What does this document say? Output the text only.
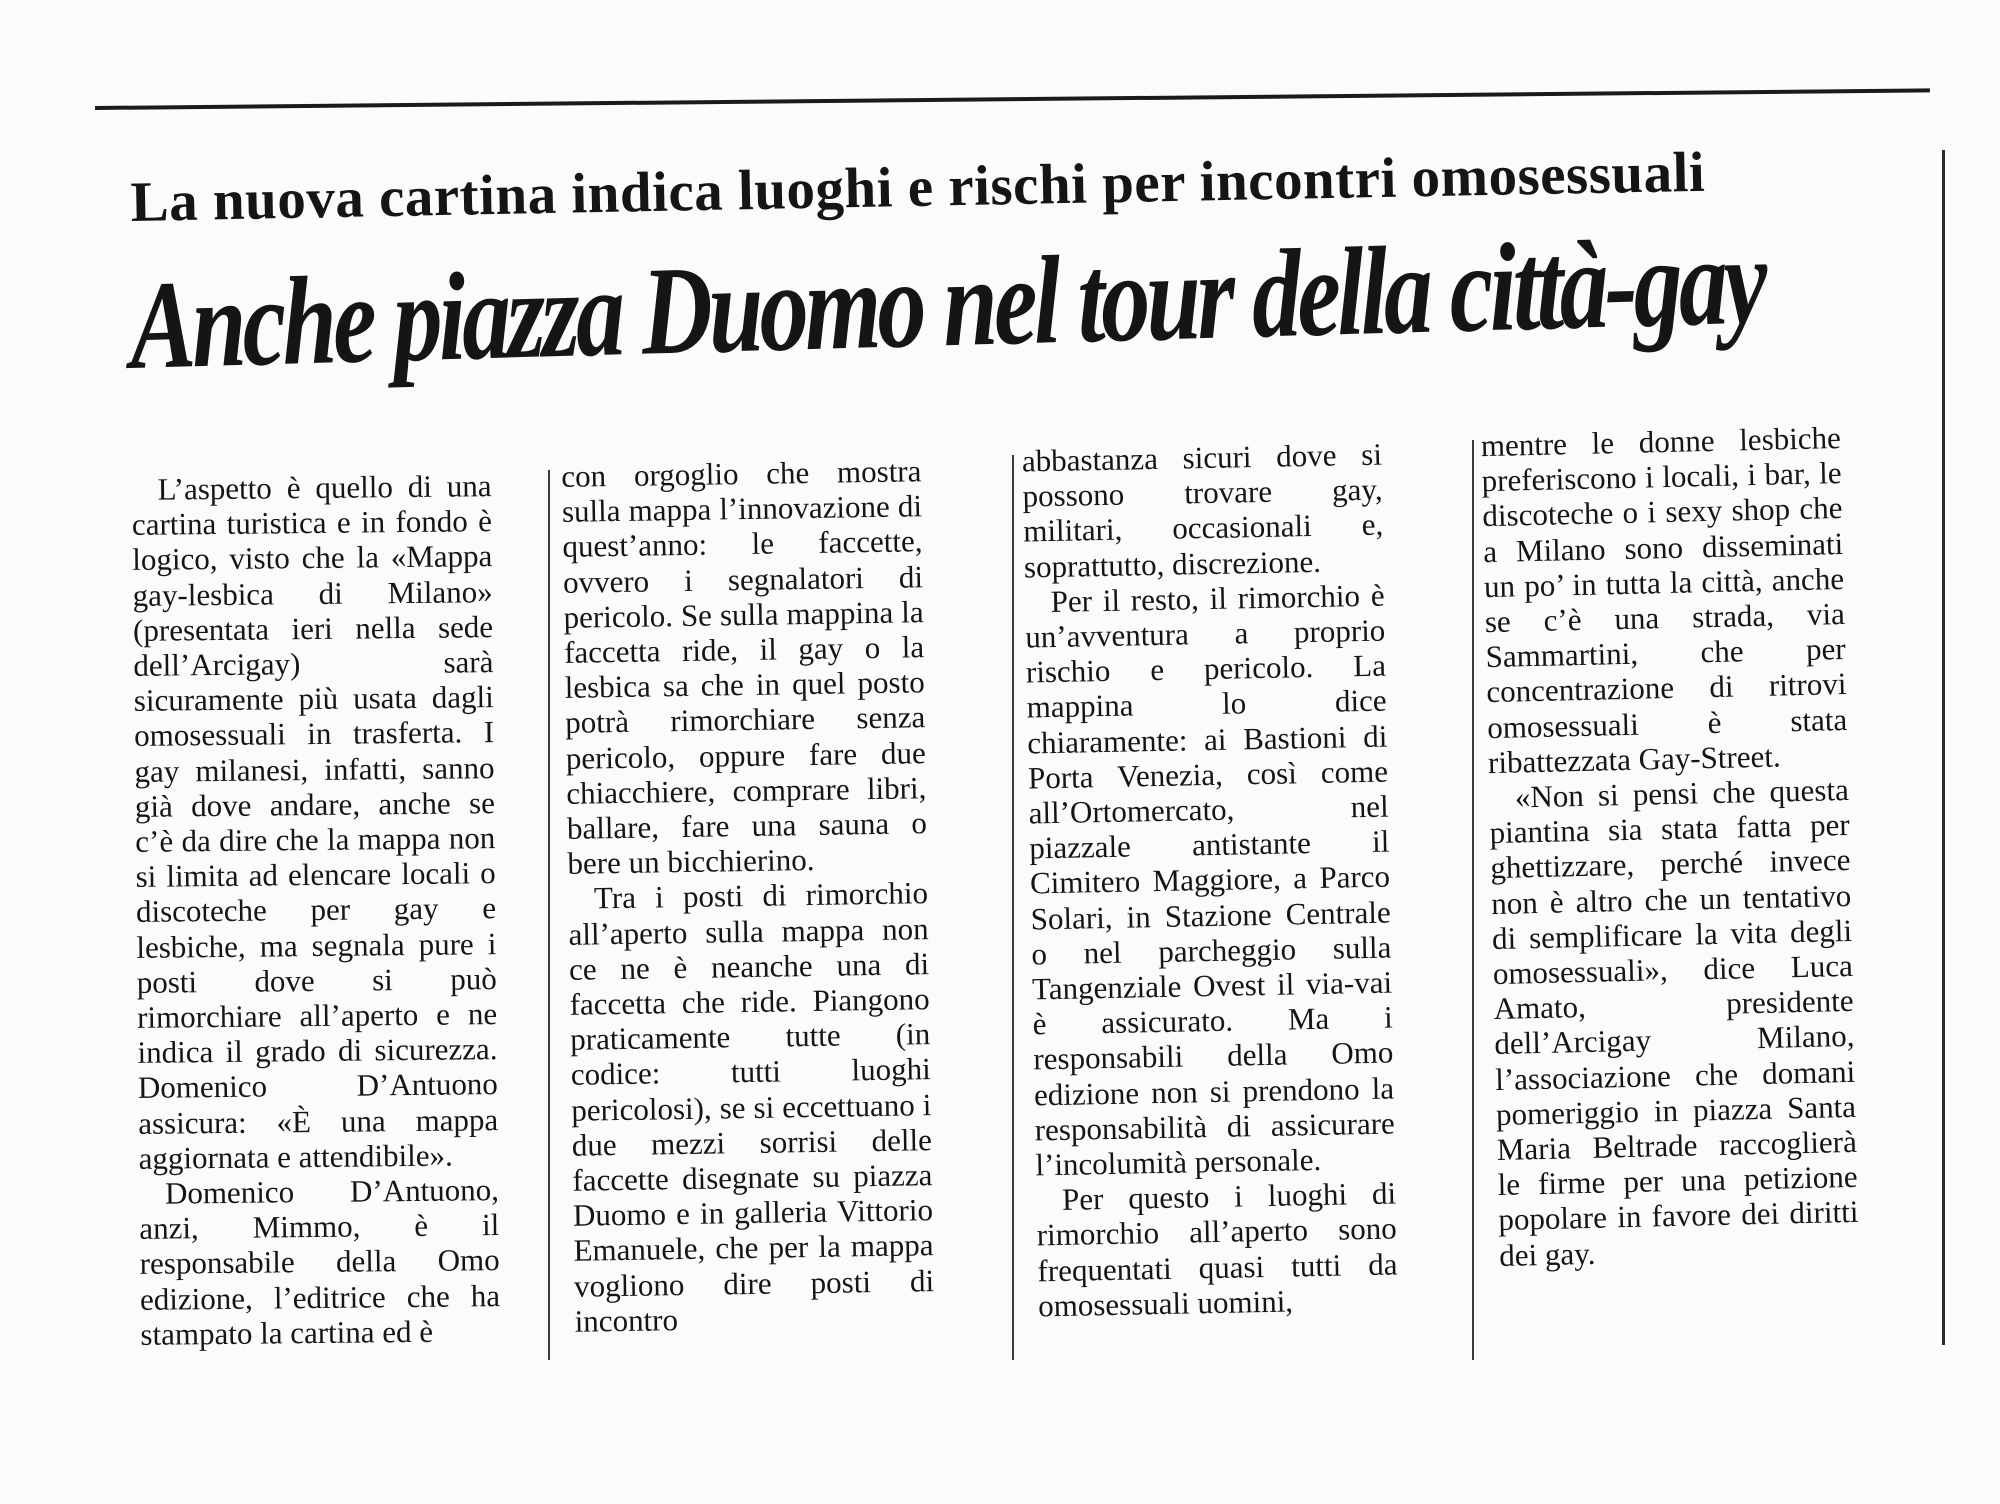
La nuova cartina indica luoghi e rischi per incontri omosessuali
Anche piazza Duomo nel tour della città-gay

L’aspetto è quello di una cartina turistica e in fondo è logico, visto che la «Mappa gay-lesbica di Milano» (presentata ieri nella sede dell’Arcigay) sarà sicuramente più usata dagli omosessuali in trasferta. I gay milanesi, infatti, sanno già dove andare, anche se c’è da dire che la mappa non si limita ad elencare locali o discoteche per gay e lesbiche, ma segnala pure i posti dove si può rimorchiare all’aperto e ne indica il grado di sicurezza. Domenico D’Antuono assicura: «È una mappa aggiornata e attendibile».

Domenico D’Antuono, anzi, Mimmo, è il responsabile della Omo edizione, l’editrice che ha stampato la cartina ed è

con orgoglio che mostra sulla mappa l’innovazione di quest’anno: le faccette, ovvero i segnalatori di pericolo. Se sulla mappina la faccetta ride, il gay o la lesbica sa che in quel posto potrà rimorchiare senza pericolo, oppure fare due chiacchiere, comprare libri, ballare, fare una sauna o bere un bicchierino.

Tra i posti di rimorchio all’aperto sulla mappa non ce ne è neanche una di faccetta che ride. Piangono praticamente tutte (in codice: tutti luoghi pericolosi), se si eccettuano i due mezzi sorrisi delle faccette disegnate su piazza Duomo e in galleria Vittorio Emanuele, che per la mappa vogliono dire posti di incontro

abbastanza sicuri dove si possono trovare gay, militari, occasionali e, soprattutto, discrezione.

Per il resto, il rimorchio è un’avventura a proprio rischio e pericolo. La mappina lo dice chiaramente: ai Bastioni di Porta Venezia, così come all’Ortomercato, nel piazzale antistante il Cimitero Maggiore, a Parco Solari, in Stazione Centrale o nel parcheggio sulla Tangenziale Ovest il via-vai è assicurato. Ma i responsabili della Omo edizione non si prendono la responsabilità di assicurare l’incolumità personale.

Per questo i luoghi di rimorchio all’aperto sono frequentati quasi tutti da omosessuali uomini,

mentre le donne lesbiche preferiscono i locali, i bar, le discoteche o i sexy shop che a Milano sono disseminati un po’ in tutta la città, anche se c’è una strada, via Sammartini, che per concentrazione di ritrovi omosessuali è stata ribattezzata Gay-Street.

«Non si pensi che questa piantina sia stata fatta per ghettizzare, perché invece non è altro che un tentativo di semplificare la vita degli omosessuali», dice Luca Amato, presidente dell’Arcigay Milano, l’associazione che domani pomeriggio in piazza Santa Maria Beltrade raccoglierà le firme per una petizione popolare in favore dei diritti dei gay.
